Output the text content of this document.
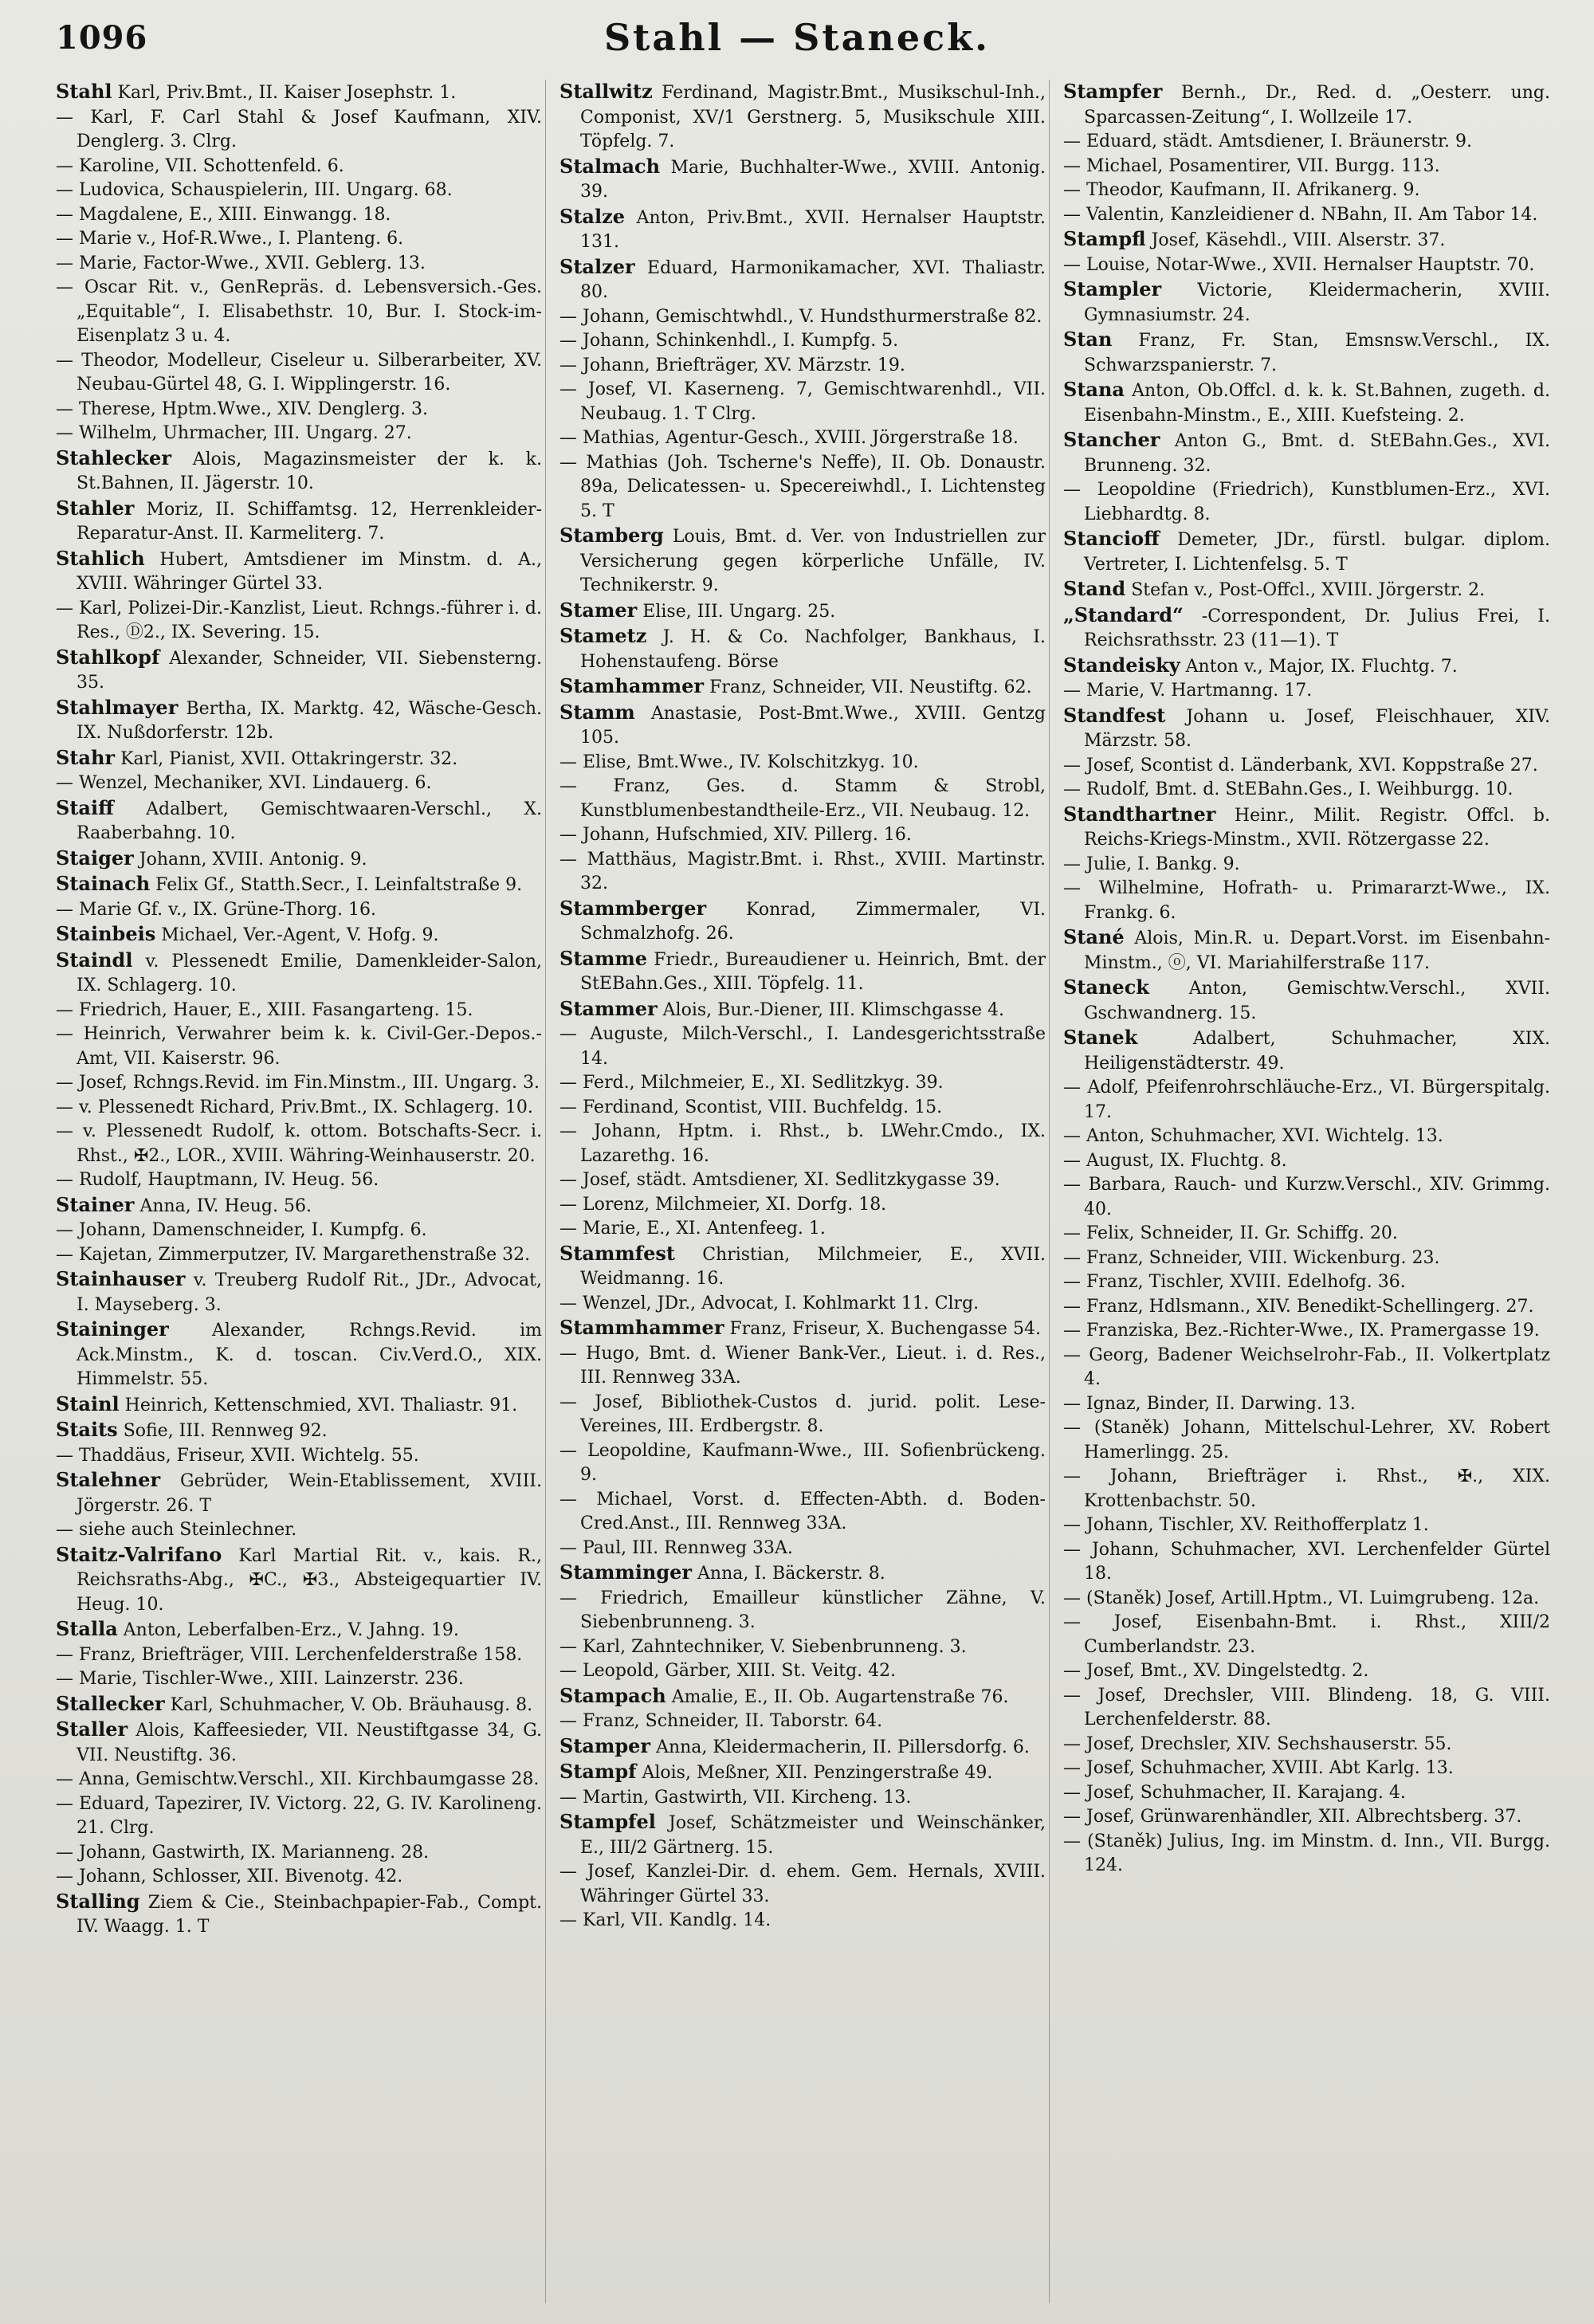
1096	Stahl — Staneck.

Stahl Karl, Priv.Bmt., II. Kaiser Josephstr. 1.

— Karl, F. Carl Stahl & Josef Kaufmann, XIV. Denglerg. 3. Clrg.

— Karoline, VII. Schottenfeld. 6.

— Ludovica, Schauspielerin, III. Ungarg. 68.

— Magdalene, E., XIII. Einwangg. 18.

— Marie v., Hof-R.Wwe., I. Planteng. 6.

— Marie, Factor-Wwe., XVII. Geblerg. 13.

— Oscar Rit. v., GenRepräs. d. Lebensversich.-Ges. „Equitable“, I. Elisabethstr. 10, Bur. I. Stock-im-Eisenplatz 3 u. 4.

— Theodor, Modelleur, Ciseleur u. Silberarbeiter, XV. Neubau-Gürtel 48, G. I. Wipplingerstr. 16.

— Therese, Hptm.Wwe., XIV. Denglerg. 3.

— Wilhelm, Uhrmacher, III. Ungarg. 27.

Stahlecker Alois, Magazinsmeister der k. k. St.Bahnen, II. Jägerstr. 10.

Stahler Moriz, II. Schiffamtsg. 12, Herrenkleider-Reparatur-Anst. II. Karmeliterg. 7.

Stahlich Hubert, Amtsdiener im Minstm. d. A., XVIII. Währinger Gürtel 33.

— Karl, Polizei-Dir.-Kanzlist, Lieut. Rchngs.-führer i. d. Res., Ⓓ2., IX. Severing. 15.

Stahlkopf Alexander, Schneider, VII. Siebensterng. 35.

Stahlmayer Bertha, IX. Marktg. 42, Wäsche-Gesch. IX. Nußdorferstr. 12b.

Stahr Karl, Pianist, XVII. Ottakringerstr. 32.

— Wenzel, Mechaniker, XVI. Lindauerg. 6.

Staiff Adalbert, Gemischtwaaren-Verschl., X. Raaberbahng. 10.

Staiger Johann, XVIII. Antonig. 9.

Stainach Felix Gf., Statth.Secr., I. Leinfaltstraße 9.

— Marie Gf. v., IX. Grüne-Thorg. 16.

Stainbeis Michael, Ver.-Agent, V. Hofg. 9.

Staindl v. Plessenedt Emilie, Damenkleider-Salon, IX. Schlagerg. 10.

— Friedrich, Hauer, E., XIII. Fasangarteng. 15.

— Heinrich, Verwahrer beim k. k. Civil-Ger.-Depos.-Amt, VII. Kaiserstr. 96.

— Josef, Rchngs.Revid. im Fin.Minstm., III. Ungarg. 3.

— v. Plessenedt Richard, Priv.Bmt., IX. Schlagerg. 10.

— v. Plessenedt Rudolf, k. ottom. Botschafts-Secr. i. Rhst., ✠2., LOR., XVIII. Währing-Weinhauserstr. 20.

— Rudolf, Hauptmann, IV. Heug. 56.

Stainer Anna, IV. Heug. 56.

— Johann, Damenschneider, I. Kumpfg. 6.

— Kajetan, Zimmerputzer, IV. Margarethenstraße 32.

Stainhauser v. Treuberg Rudolf Rit., JDr., Advocat, I. Mayseberg. 3.

Staininger Alexander, Rchngs.Revid. im Ack.Minstm., K. d. toscan. Civ.Verd.O., XIX. Himmelstr. 55.

Stainl Heinrich, Kettenschmied, XVI. Thaliastr. 91.

Staits Sofie, III. Rennweg 92.

— Thaddäus, Friseur, XVII. Wichtelg. 55.

Stalehner Gebrüder, Wein-Etablissement, XVIII. Jörgerstr. 26. T

— siehe auch Steinlechner.

Staitz-Valrifano Karl Martial Rit. v., kais. R., Reichsraths-Abg., ✠C., ✠3., Absteigequartier IV. Heug. 10.

Stalla Anton, Leberfalben-Erz., V. Jahng. 19.

— Franz, Briefträger, VIII. Lerchenfelderstraße 158.

— Marie, Tischler-Wwe., XIII. Lainzerstr. 236.

Stallecker Karl, Schuhmacher, V. Ob. Bräuhausg. 8.

Staller Alois, Kaffeesieder, VII. Neustiftgasse 34, G. VII. Neustiftg. 36.

— Anna, Gemischtw.Verschl., XII. Kirchbaumgasse 28.

— Eduard, Tapezirer, IV. Victorg. 22, G. IV. Karolineng. 21. Clrg.

— Johann, Gastwirth, IX. Marianneng. 28.

— Johann, Schlosser, XII. Bivenotg. 42.

Stalling Ziem & Cie., Steinbachpapier-Fab., Compt. IV. Waagg. 1. T

Stallwitz Ferdinand, Magistr.Bmt., Musikschul-Inh., Componist, XV/1 Gerstnerg. 5, Musikschule XIII. Töpfelg. 7.

Stalmach Marie, Buchhalter-Wwe., XVIII. Antonig. 39.

Stalze Anton, Priv.Bmt., XVII. Hernalser Hauptstr. 131.

Stalzer Eduard, Harmonikamacher, XVI. Thaliastr. 80.

— Johann, Gemischtwhdl., V. Hundsthurmerstraße 82.

— Johann, Schinkenhdl., I. Kumpfg. 5.

— Johann, Briefträger, XV. Märzstr. 19.

— Josef, VI. Kaserneng. 7, Gemischtwarenhdl., VII. Neubaug. 1. T Clrg.

— Mathias, Agentur-Gesch., XVIII. Jörgerstraße 18.

— Mathias (Joh. Tscherne's Neffe), II. Ob. Donaustr. 89a, Delicatessen- u. Specereiwhdl., I. Lichtensteg 5. T

Stamberg Louis, Bmt. d. Ver. von Industriellen zur Versicherung gegen körperliche Unfälle, IV. Technikerstr. 9.

Stamer Elise, III. Ungarg. 25.

Stametz J. H. & Co. Nachfolger, Bankhaus, I. Hohenstaufeng. Börse

Stamhammer Franz, Schneider, VII. Neustiftg. 62.

Stamm Anastasie, Post-Bmt.Wwe., XVIII. Gentzg 105.

— Elise, Bmt.Wwe., IV. Kolschitzkyg. 10.

— Franz, Ges. d. Stamm & Strobl, Kunstblumenbestandtheile-Erz., VII. Neubaug. 12.

— Johann, Hufschmied, XIV. Pillerg. 16.

— Matthäus, Magistr.Bmt. i. Rhst., XVIII. Martinstr. 32.

Stammberger Konrad, Zimmermaler, VI. Schmalzhofg. 26.

Stamme Friedr., Bureaudiener u. Heinrich, Bmt. der StEBahn.Ges., XIII. Töpfelg. 11.

Stammer Alois, Bur.-Diener, III. Klimschgasse 4.

— Auguste, Milch-Verschl., I. Landesgerichtsstraße 14.

— Ferd., Milchmeier, E., XI. Sedlitzkyg. 39.

— Ferdinand, Scontist, VIII. Buchfeldg. 15.

— Johann, Hptm. i. Rhst., b. LWehr.Cmdo., IX. Lazarethg. 16.

— Josef, städt. Amtsdiener, XI. Sedlitzkygasse 39.

— Lorenz, Milchmeier, XI. Dorfg. 18.

— Marie, E., XI. Antenfeeg. 1.

Stammfest Christian, Milchmeier, E., XVII. Weidmanng. 16.

— Wenzel, JDr., Advocat, I. Kohlmarkt 11. Clrg.

Stammhammer Franz, Friseur, X. Buchengasse 54.

— Hugo, Bmt. d. Wiener Bank-Ver., Lieut. i. d. Res., III. Rennweg 33A.

— Josef, Bibliothek-Custos d. jurid. polit. Lese-Vereines, III. Erdbergstr. 8.

— Leopoldine, Kaufmann-Wwe., III. Sofienbrückeng. 9.

— Michael, Vorst. d. Effecten-Abth. d. Boden-Cred.Anst., III. Rennweg 33A.

— Paul, III. Rennweg 33A.

Stamminger Anna, I. Bäckerstr. 8.

— Friedrich, Emailleur künstlicher Zähne, V. Siebenbrunneng. 3.

— Karl, Zahntechniker, V. Siebenbrunneng. 3.

— Leopold, Gärber, XIII. St. Veitg. 42.

Stampach Amalie, E., II. Ob. Augartenstraße 76.

— Franz, Schneider, II. Taborstr. 64.

Stamper Anna, Kleidermacherin, II. Pillersdorfg. 6.

Stampf Alois, Meßner, XII. Penzingerstraße 49.

— Martin, Gastwirth, VII. Kircheng. 13.

Stampfel Josef, Schätzmeister und Weinschänker, E., III/2 Gärtnerg. 15.

— Josef, Kanzlei-Dir. d. ehem. Gem. Hernals, XVIII. Währinger Gürtel 33.

— Karl, VII. Kandlg. 14.

Stampfer Bernh., Dr., Red. d. „Oesterr. ung. Sparcassen-Zeitung“, I. Wollzeile 17.

— Eduard, städt. Amtsdiener, I. Bräunerstr. 9.

— Michael, Posamentirer, VII. Burgg. 113.

— Theodor, Kaufmann, II. Afrikanerg. 9.

— Valentin, Kanzleidiener d. NBahn, II. Am Tabor 14.

Stampfl Josef, Käsehdl., VIII. Alserstr. 37.

— Louise, Notar-Wwe., XVII. Hernalser Hauptstr. 70.

Stampler Victorie, Kleidermacherin, XVIII. Gymnasiumstr. 24.

Stan Franz, Fr. Stan, Emsnsw.Verschl., IX. Schwarzspanierstr. 7.

Stana Anton, Ob.Offcl. d. k. k. St.Bahnen, zugeth. d. Eisenbahn-Minstm., E., XIII. Kuefsteing. 2.

Stancher Anton G., Bmt. d. StEBahn.Ges., XVI. Brunneng. 32.

— Leopoldine (Friedrich), Kunstblumen-Erz., XVI. Liebhardtg. 8.

Stancioff Demeter, JDr., fürstl. bulgar. diplom. Vertreter, I. Lichtenfelsg. 5. T

Stand Stefan v., Post-Offcl., XVIII. Jörgerstr. 2.

„Standard“ -Correspondent, Dr. Julius Frei, I. Reichsrathsstr. 23 (11—1). T

Standeisky Anton v., Major, IX. Fluchtg. 7.

— Marie, V. Hartmanng. 17.

Standfest Johann u. Josef, Fleischhauer, XIV. Märzstr. 58.

— Josef, Scontist d. Länderbank, XVI. Koppstraße 27.

— Rudolf, Bmt. d. StEBahn.Ges., I. Weihburgg. 10.

Standthartner Heinr., Milit. Registr. Offcl. b. Reichs-Kriegs-Minstm., XVII. Rötzergasse 22.

— Julie, I. Bankg. 9.

— Wilhelmine, Hofrath- u. Primararzt-Wwe., IX. Frankg. 6.

Stané Alois, Min.R. u. Depart.Vorst. im Eisenbahn-Minstm., ⓞ, VI. Mariahilferstraße 117.

Staneck Anton, Gemischtw.Verschl., XVII. Gschwandnerg. 15.

Stanek	Adalbert, Schuhmacher, XIX. Heiligenstädterstr. 49.

— Adolf, Pfeifenrohrschläuche-Erz., VI. Bürgerspitalg. 17.

— Anton, Schuhmacher, XVI. Wichtelg. 13.

— August, IX. Fluchtg. 8.

— Barbara, Rauch- und Kurzw.Verschl., XIV. Grimmg. 40.

— Felix, Schneider, II. Gr. Schiffg. 20.

— Franz, Schneider, VIII. Wickenburg. 23.

— Franz, Tischler, XVIII. Edelhofg. 36.

— Franz, Hdlsmann., XIV. Benedikt-Schellingerg. 27.

— Franziska, Bez.-Richter-Wwe., IX. Pramergasse 19.

— Georg, Badener Weichselrohr-Fab., II. Volkertplatz 4.

— Ignaz, Binder, II. Darwing. 13.

— (Staněk) Johann, Mittelschul-Lehrer, XV. Robert Hamerlingg. 25.

— Johann, Briefträger i. Rhst., ✠., XIX. Krottenbachstr. 50.

— Johann, Tischler, XV. Reithofferplatz 1.

— Johann, Schuhmacher, XVI. Lerchenfelder Gürtel 18.

— (Staněk) Josef, Artill.Hptm., VI. Luimgrubeng. 12a.

— Josef, Eisenbahn-Bmt. i. Rhst., XIII/2 Cumberlandstr. 23.

— Josef, Bmt., XV. Dingelstedtg. 2.

— Josef, Drechsler, VIII. Blindeng. 18, G. VIII. Lerchenfelderstr. 88.

— Josef, Drechsler, XIV. Sechshauserstr. 55.

— Josef, Schuhmacher, XVIII. Abt Karlg. 13.

— Josef, Schuhmacher, II. Karajang. 4.

— Josef, Grünwarenhändler, XII. Albrechtsberg. 37.

— (Staněk) Julius, Ing. im Minstm. d. Inn., VII. Burgg. 124.
